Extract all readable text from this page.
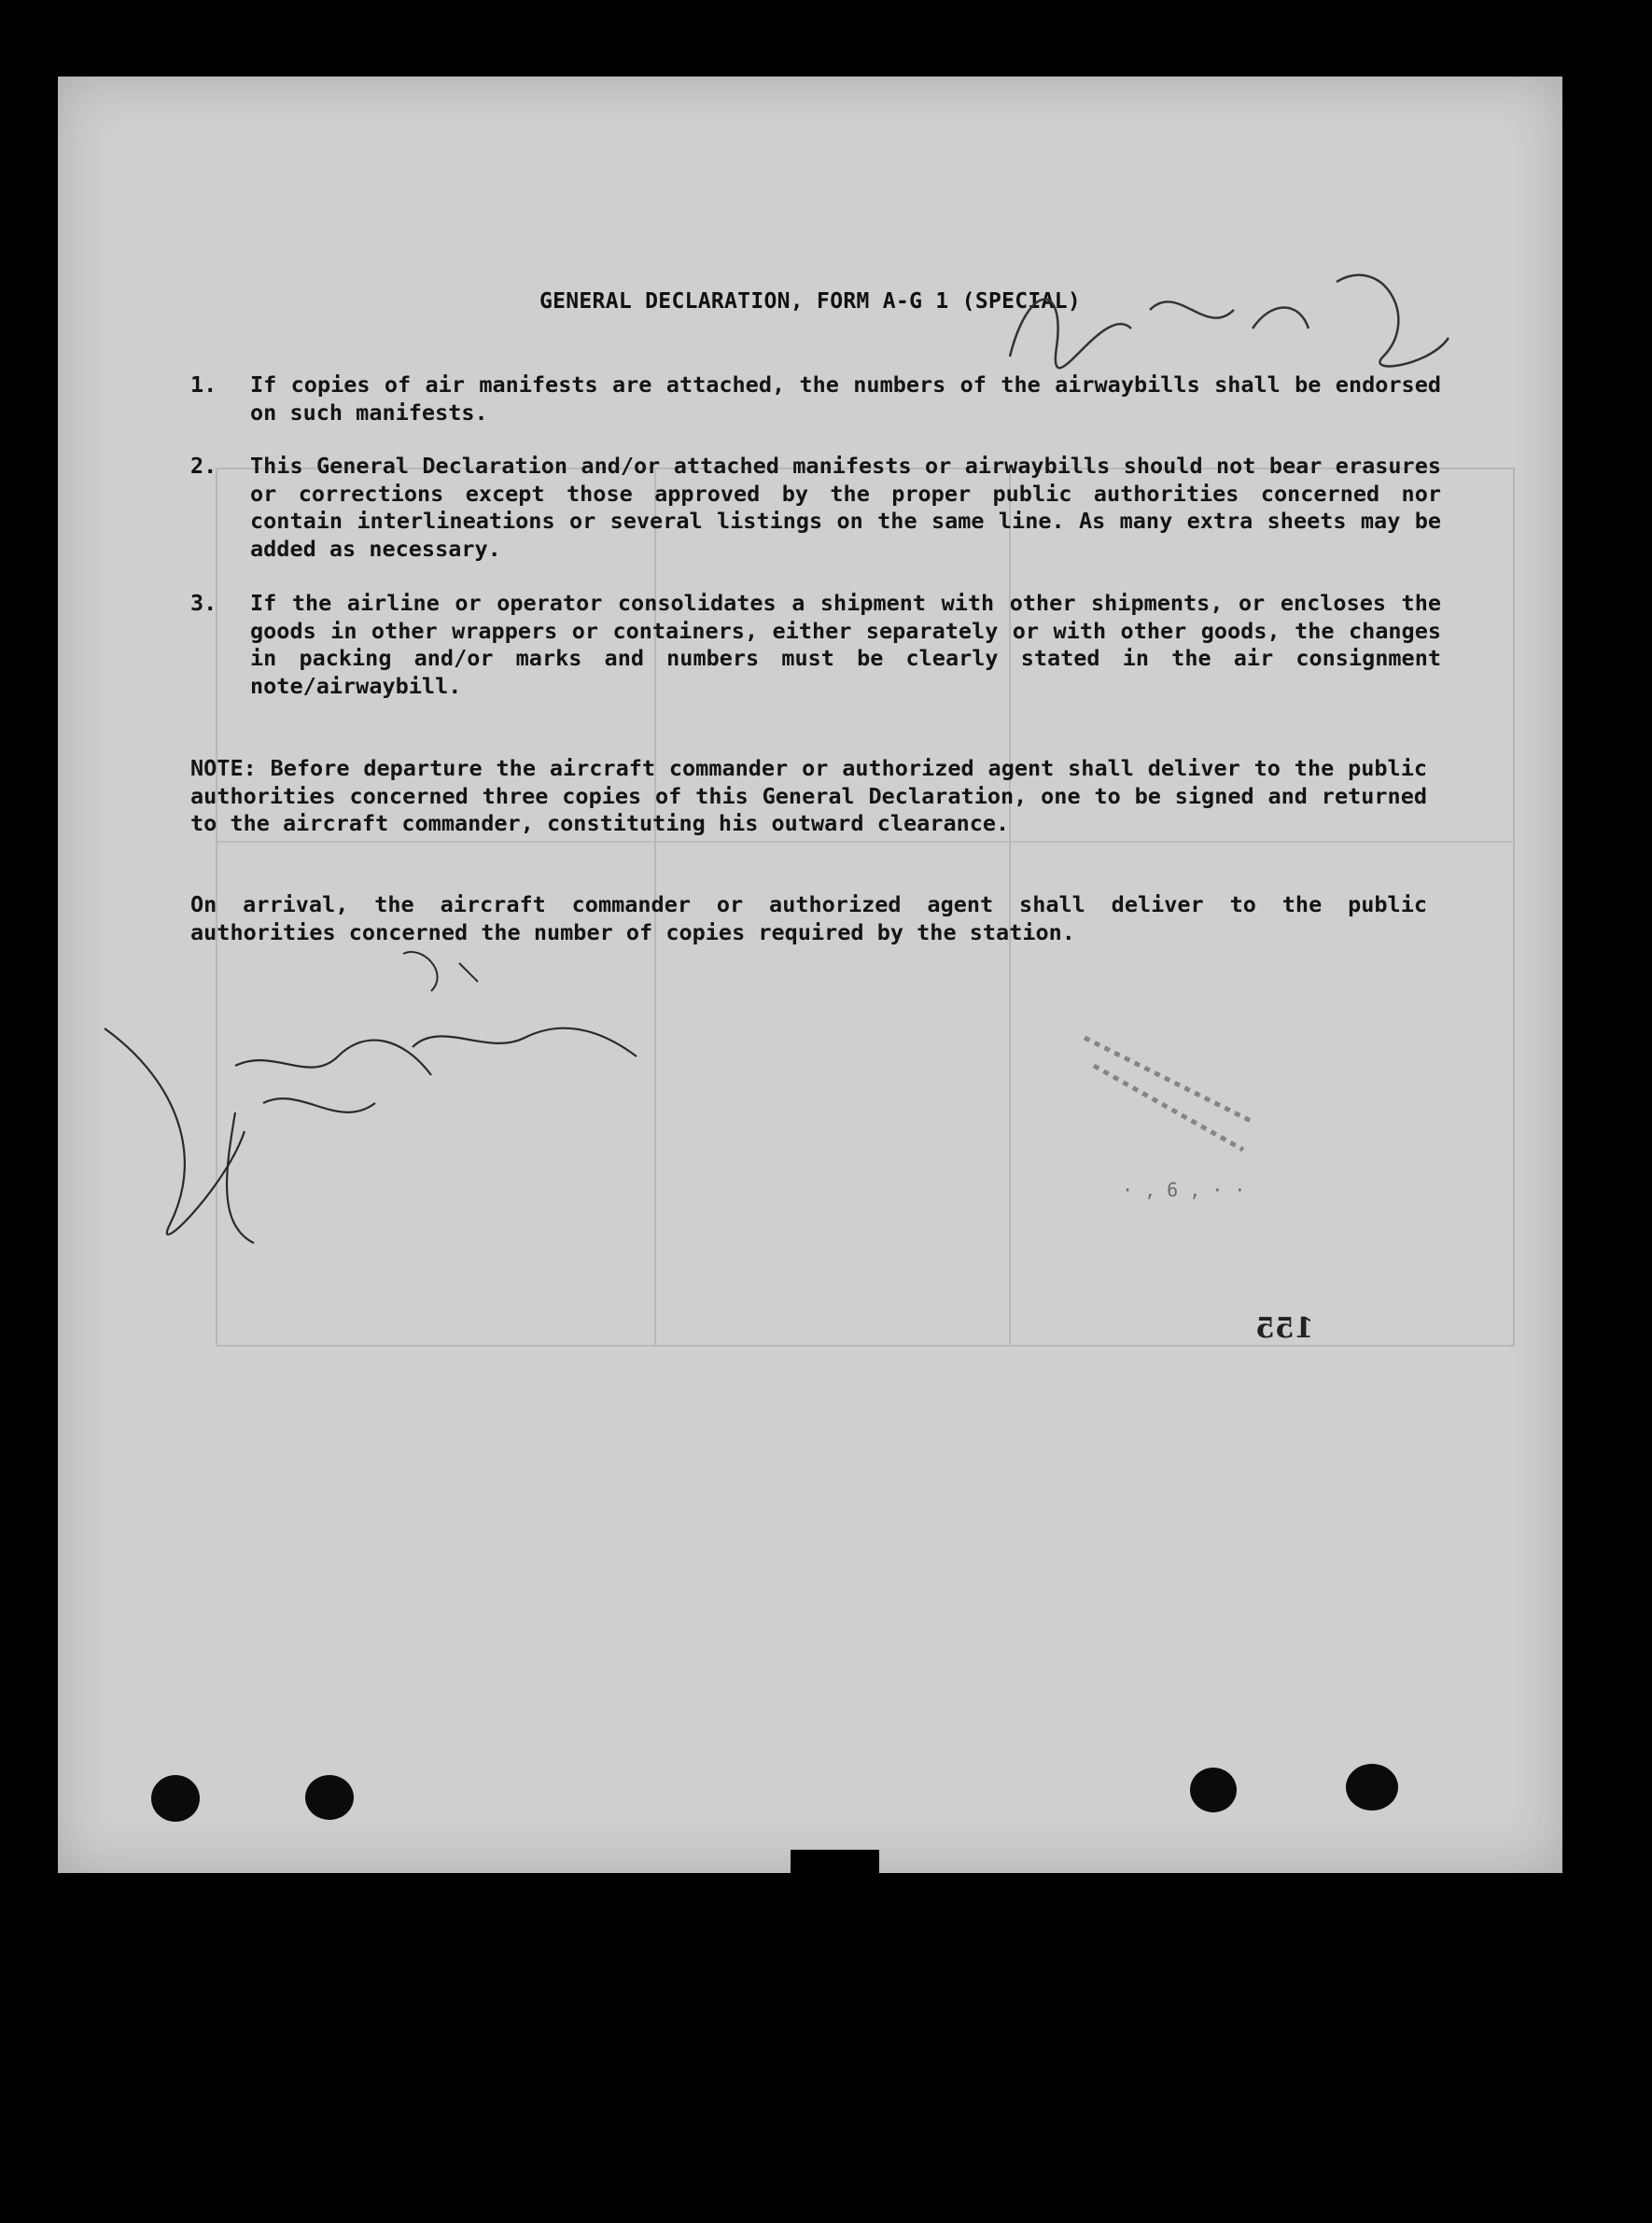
GENERAL DECLARATION, FORM A-G 1 (SPECIAL)
1.	If copies of air manifests are attached, the numbers of the airwaybills shall be endorsed on such manifests.
2.	This General Declaration and/or attached manifests or airwaybills should not bear erasures or corrections except those approved by the proper public authorities concerned nor contain interlineations or several listings on the same line. As many extra sheets may be added as necessary.
3.	If the airline or operator consolidates a shipment with other shipments, or encloses the goods in other wrappers or containers, either separately or with other goods, the changes in packing and/or marks and numbers must be clearly stated in the air consignment note/airwaybill.
NOTE: Before departure the aircraft commander or authorized agent shall deliver to the public authorities concerned three copies of this General Declaration, one to be signed and returned to the aircraft commander, constituting his outward clearance.
On arrival, the aircraft commander or authorized agent shall deliver to the public authorities concerned the number of copies required by the station.
· , 6 , · ·
155
